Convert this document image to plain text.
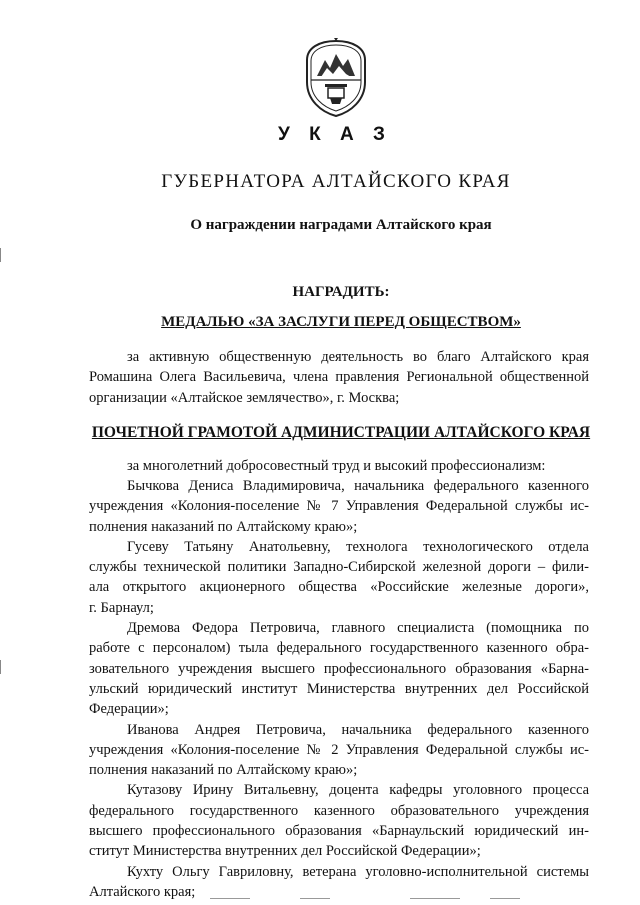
У К А З
ГУБЕРНАТОРА АЛТАЙСКОГО КРАЯ
О награждении наградами Алтайского края
НАГРАДИТЬ:
МЕДАЛЬЮ «ЗА ЗАСЛУГИ ПЕРЕД ОБЩЕСТВОМ»
за активную общественную деятельность во благо Алтайского края
Ромашина Олега Васильевича, члена правления Региональной общественной
организации «Алтайское землячество», г. Москва;
ПОЧЕТНОЙ ГРАМОТОЙ АДМИНИСТРАЦИИ АЛТАЙСКОГО КРАЯ
за многолетний добросовестный труд и высокий профессионализм:
Бычкова Дениса Владимировича, начальника федерального казенного
учреждения «Колония-поселение № 7 Управления Федеральной службы ис-
полнения наказаний по Алтайскому краю»;
Гусеву Татьяну Анатольевну, технолога технологического отдела
службы технической политики Западно-Сибирской железной дороги – фили-
ала открытого акционерного общества «Российские железные дороги»,
г. Барнаул;
Дремова Федора Петровича, главного специалиста (помощника по
работе с персоналом) тыла федерального государственного казенного обра-
зовательного учреждения высшего профессионального образования «Барна-
ульский юридический институт Министерства внутренних дел Российской
Федерации»;
Иванова Андрея Петровича, начальника федерального казенного
учреждения «Колония-поселение № 2 Управления Федеральной службы ис-
полнения наказаний по Алтайскому краю»;
Кутазову Ирину Витальевну, доцента кафедры уголовного процесса
федерального государственного казенного образовательного учреждения
высшего профессионального образования «Барнаульский юридический ин-
ститут Министерства внутренних дел Российской Федерации»;
Кухту Ольгу Гавриловну, ветерана уголовно-исполнительной системы
Алтайского края;
